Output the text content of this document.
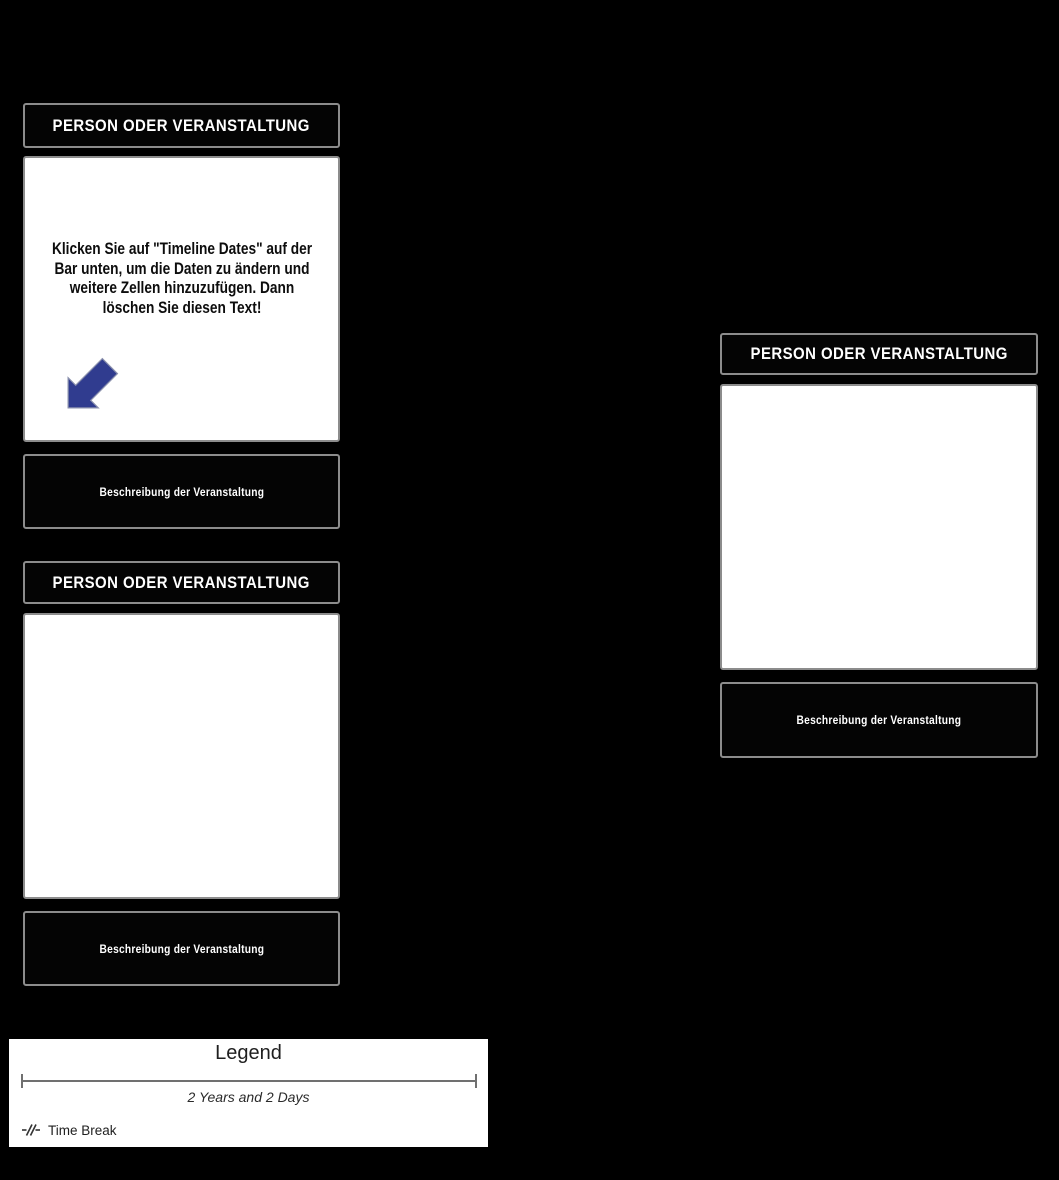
PERSON ODER VERANSTALTUNG
Klicken Sie auf "Timeline Dates" auf der
Bar unten, um die Daten zu ändern und
weitere Zellen hinzuzufügen. Dann
löschen Sie diesen Text!
Beschreibung der Veranstaltung
PERSON ODER VERANSTALTUNG
Beschreibung der Veranstaltung
PERSON ODER VERANSTALTUNG
Beschreibung der Veranstaltung
Legend
2 Years and 2 Days
Time Break
